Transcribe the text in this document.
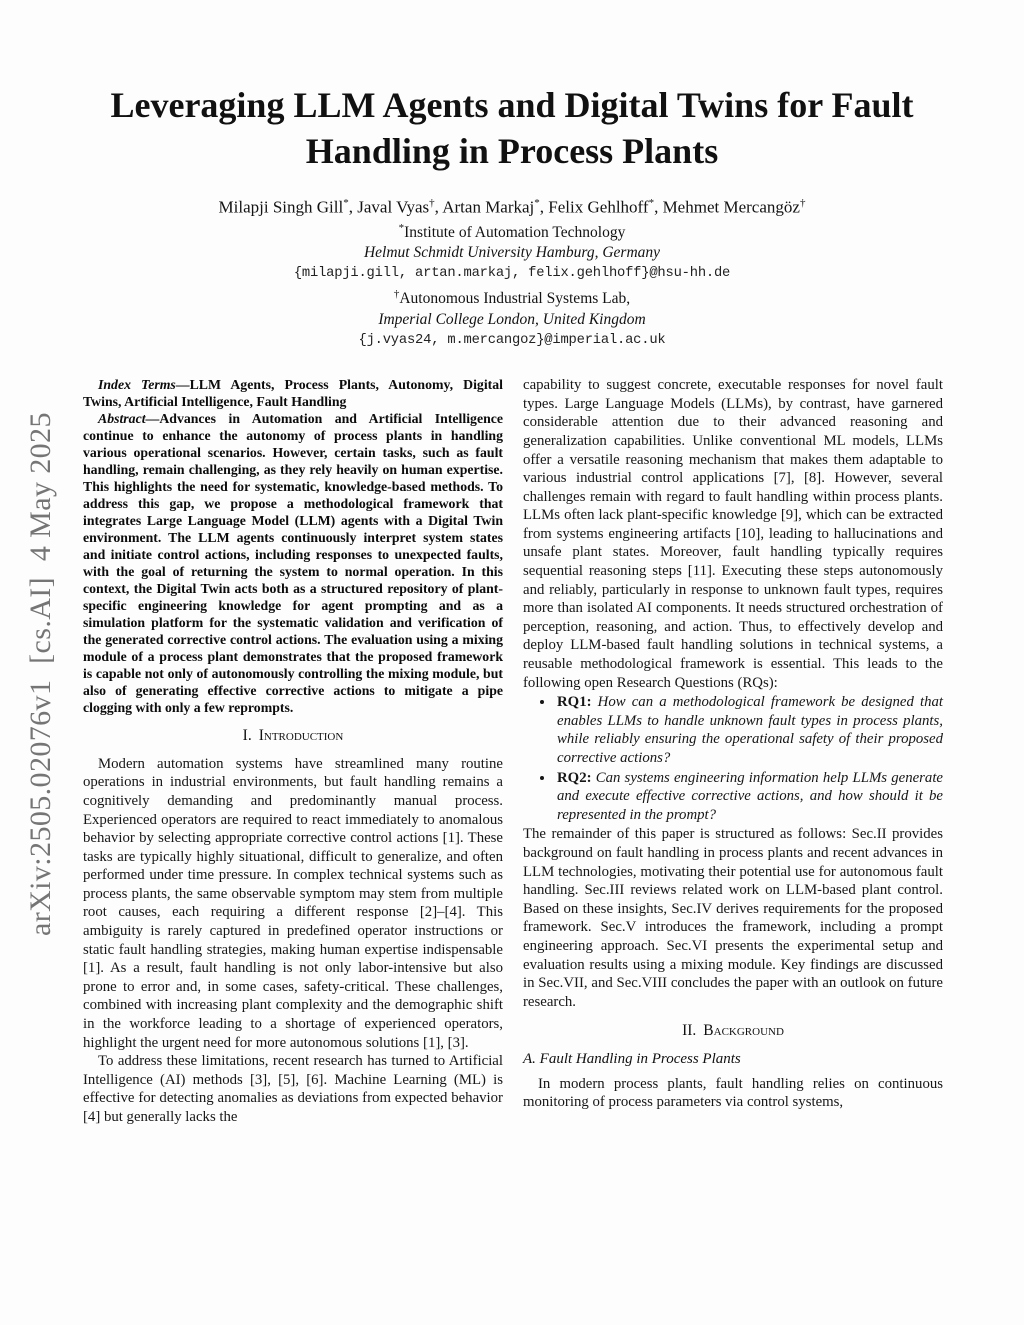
arXiv:2505.02076v1  [cs.AI]  4 May 2025
Leveraging LLM Agents and Digital Twins for Fault Handling in Process Plants
Milapji Singh Gill*, Javal Vyas†, Artan Markaj*, Felix Gehlhoff*, Mehmet Mercangöz†
*Institute of Automation Technology
Helmut Schmidt University Hamburg, Germany
{milapji.gill, artan.markaj, felix.gehlhoff}@hsu-hh.de
†Autonomous Industrial Systems Lab,
Imperial College London, United Kingdom
{j.vyas24, m.mercangoz}@imperial.ac.uk

Index Terms—LLM Agents, Process Plants, Autonomy, Digital Twins, Artificial Intelligence, Fault Handling

Abstract—Advances in Automation and Artificial Intelligence continue to enhance the autonomy of process plants in handling various operational scenarios. However, certain tasks, such as fault handling, remain challenging, as they rely heavily on human expertise. This highlights the need for systematic, knowledge-based methods. To address this gap, we propose a methodological framework that integrates Large Language Model (LLM) agents with a Digital Twin environment. The LLM agents continuously interpret system states and initiate control actions, including responses to unexpected faults, with the goal of returning the system to normal operation. In this context, the Digital Twin acts both as a structured repository of plant-specific engineering knowledge for agent prompting and as a simulation platform for the systematic validation and verification of the generated corrective control actions. The evaluation using a mixing module of a process plant demonstrates that the proposed framework is capable not only of autonomously controlling the mixing module, but also of generating effective corrective actions to mitigate a pipe clogging with only a few reprompts.

I. Introduction

Modern automation systems have streamlined many routine operations in industrial environments, but fault handling remains a cognitively demanding and predominantly manual process. Experienced operators are required to react immediately to anomalous behavior by selecting appropriate corrective control actions [1]. These tasks are typically highly situational, difficult to generalize, and often performed under time pressure. In complex technical systems such as process plants, the same observable symptom may stem from multiple root causes, each requiring a different response [2]–[4]. This ambiguity is rarely captured in predefined operator instructions or static fault handling strategies, making human expertise indispensable [1]. As a result, fault handling is not only labor-intensive but also prone to error and, in some cases, safety-critical. These challenges, combined with increasing plant complexity and the demographic shift in the workforce leading to a shortage of experienced operators, highlight the urgent need for more autonomous solutions [1], [3].

To address these limitations, recent research has turned to Artificial Intelligence (AI) methods [3], [5], [6]. Machine Learning (ML) is effective for detecting anomalies as deviations from expected behavior [4] but generally lacks the

capability to suggest concrete, executable responses for novel fault types. Large Language Models (LLMs), by contrast, have garnered considerable attention due to their advanced reasoning and generalization capabilities. Unlike conventional ML models, LLMs offer a versatile reasoning mechanism that makes them adaptable to various industrial control applications [7], [8]. However, several challenges remain with regard to fault handling within process plants. LLMs often lack plant-specific knowledge [9], which can be extracted from systems engineering artifacts [10], leading to hallucinations and unsafe plant states. Moreover, fault handling typically requires sequential reasoning steps [11]. Executing these steps autonomously and reliably, particularly in response to unknown fault types, requires more than isolated AI components. It needs structured orchestration of perception, reasoning, and action. Thus, to effectively develop and deploy LLM-based fault handling solutions in technical systems, a reusable methodological framework is essential. This leads to the following open Research Questions (RQs):

• RQ1: How can a methodological framework be designed that enables LLMs to handle unknown fault types in process plants, while reliably ensuring the operational safety of their proposed corrective actions?
• RQ2: Can systems engineering information help LLMs generate and execute effective corrective actions, and how should it be represented in the prompt?

The remainder of this paper is structured as follows: Sec.II provides background on fault handling in process plants and recent advances in LLM technologies, motivating their potential use for autonomous fault handling. Sec.III reviews related work on LLM-based plant control. Based on these insights, Sec.IV derives requirements for the proposed framework. Sec.V introduces the framework, including a prompt engineering approach. Sec.VI presents the experimental setup and evaluation results using a mixing module. Key findings are discussed in Sec.VII, and Sec.VIII concludes the paper with an outlook on future research.

II. Background

A. Fault Handling in Process Plants

In modern process plants, fault handling relies on continuous monitoring of process parameters via control systems,
